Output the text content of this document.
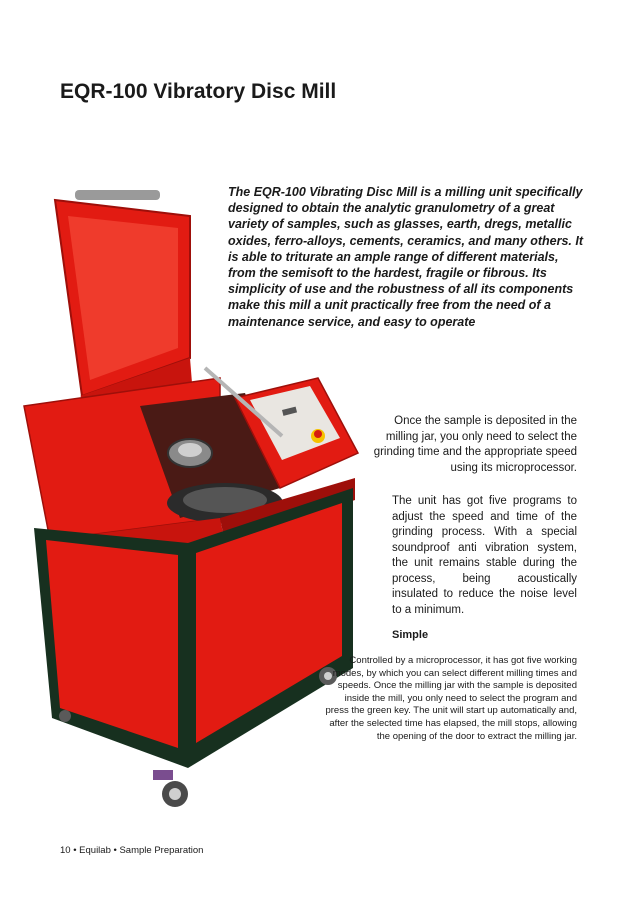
EQR-100 Vibratory Disc Mill

The EQR-100 Vibrating Disc Mill is a milling unit specifically designed to obtain the analytic granulometry of a great variety of samples, such as glasses, earth, dregs, metallic oxides, ferro-alloys, cements, ceramics, and many others. It is able to triturate an ample range of different materials, from the semisoft to the hardest, fragile or fibrous. Its simplicity of use and the robustness of all its components make this mill a unit practically free from the need of a maintenance service, and easy to operate

Once the sample is deposited in the milling jar, you only need to select the grinding time and the appropriate speed using its microprocessor.

The unit has got five programs to adjust the speed and time of the grinding process. With a special soundproof anti vibration system, the unit remains stable during the process, being acoustically insulated to reduce the noise level to a minimum.

Simple

Controlled by a microprocessor, it has got five working modes, by which you can select different milling times and speeds. Once the milling jar with the sample is deposited inside the mill, you only need to select the program and press the green key. The unit will start up automatically and, after the selected time has elapsed, the mill stops, allowing the opening of the door to extract the milling jar.

10 • Equilab • Sample Preparation
